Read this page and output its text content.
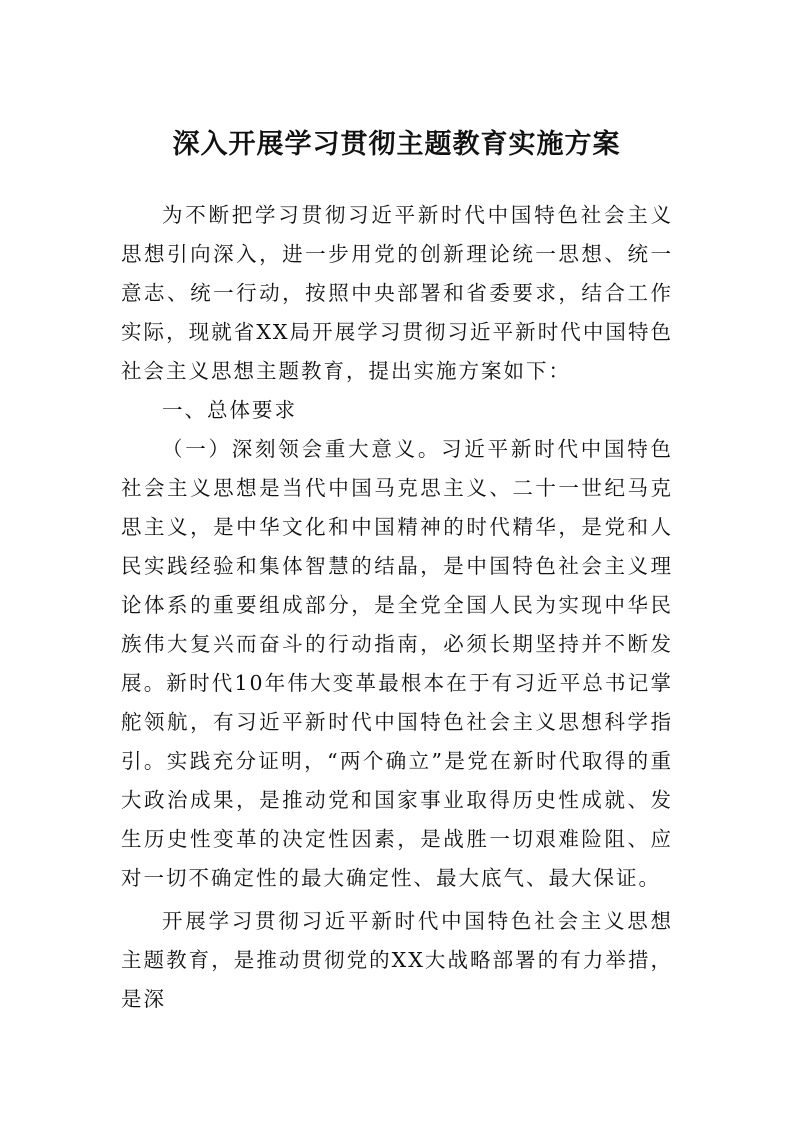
深入开展学习贯彻主题教育实施方案

为不断把学习贯彻习近平新时代中国特色社会主义思想引向深入，进一步用党的创新理论统一思想、统一意志、统一行动，按照中央部署和省委要求，结合工作实际，现就省XX局开展学习贯彻习近平新时代中国特色社会主义思想主题教育，提出实施方案如下：

一、总体要求

（一）深刻领会重大意义。习近平新时代中国特色社会主义思想是当代中国马克思主义、二十一世纪马克思主义，是中华文化和中国精神的时代精华，是党和人民实践经验和集体智慧的结晶，是中国特色社会主义理论体系的重要组成部分，是全党全国人民为实现中华民族伟大复兴而奋斗的行动指南，必须长期坚持并不断发展。新时代10年伟大变革最根本在于有习近平总书记掌舵领航，有习近平新时代中国特色社会主义思想科学指引。实践充分证明，“两个确立”是党在新时代取得的重大政治成果，是推动党和国家事业取得历史性成就、发生历史性变革的决定性因素，是战胜一切艰难险阻、应对一切不确定性的最大确定性、最大底气、最大保证。

开展学习贯彻习近平新时代中国特色社会主义思想主题教育，是推动贯彻党的XX大战略部署的有力举措，是深
